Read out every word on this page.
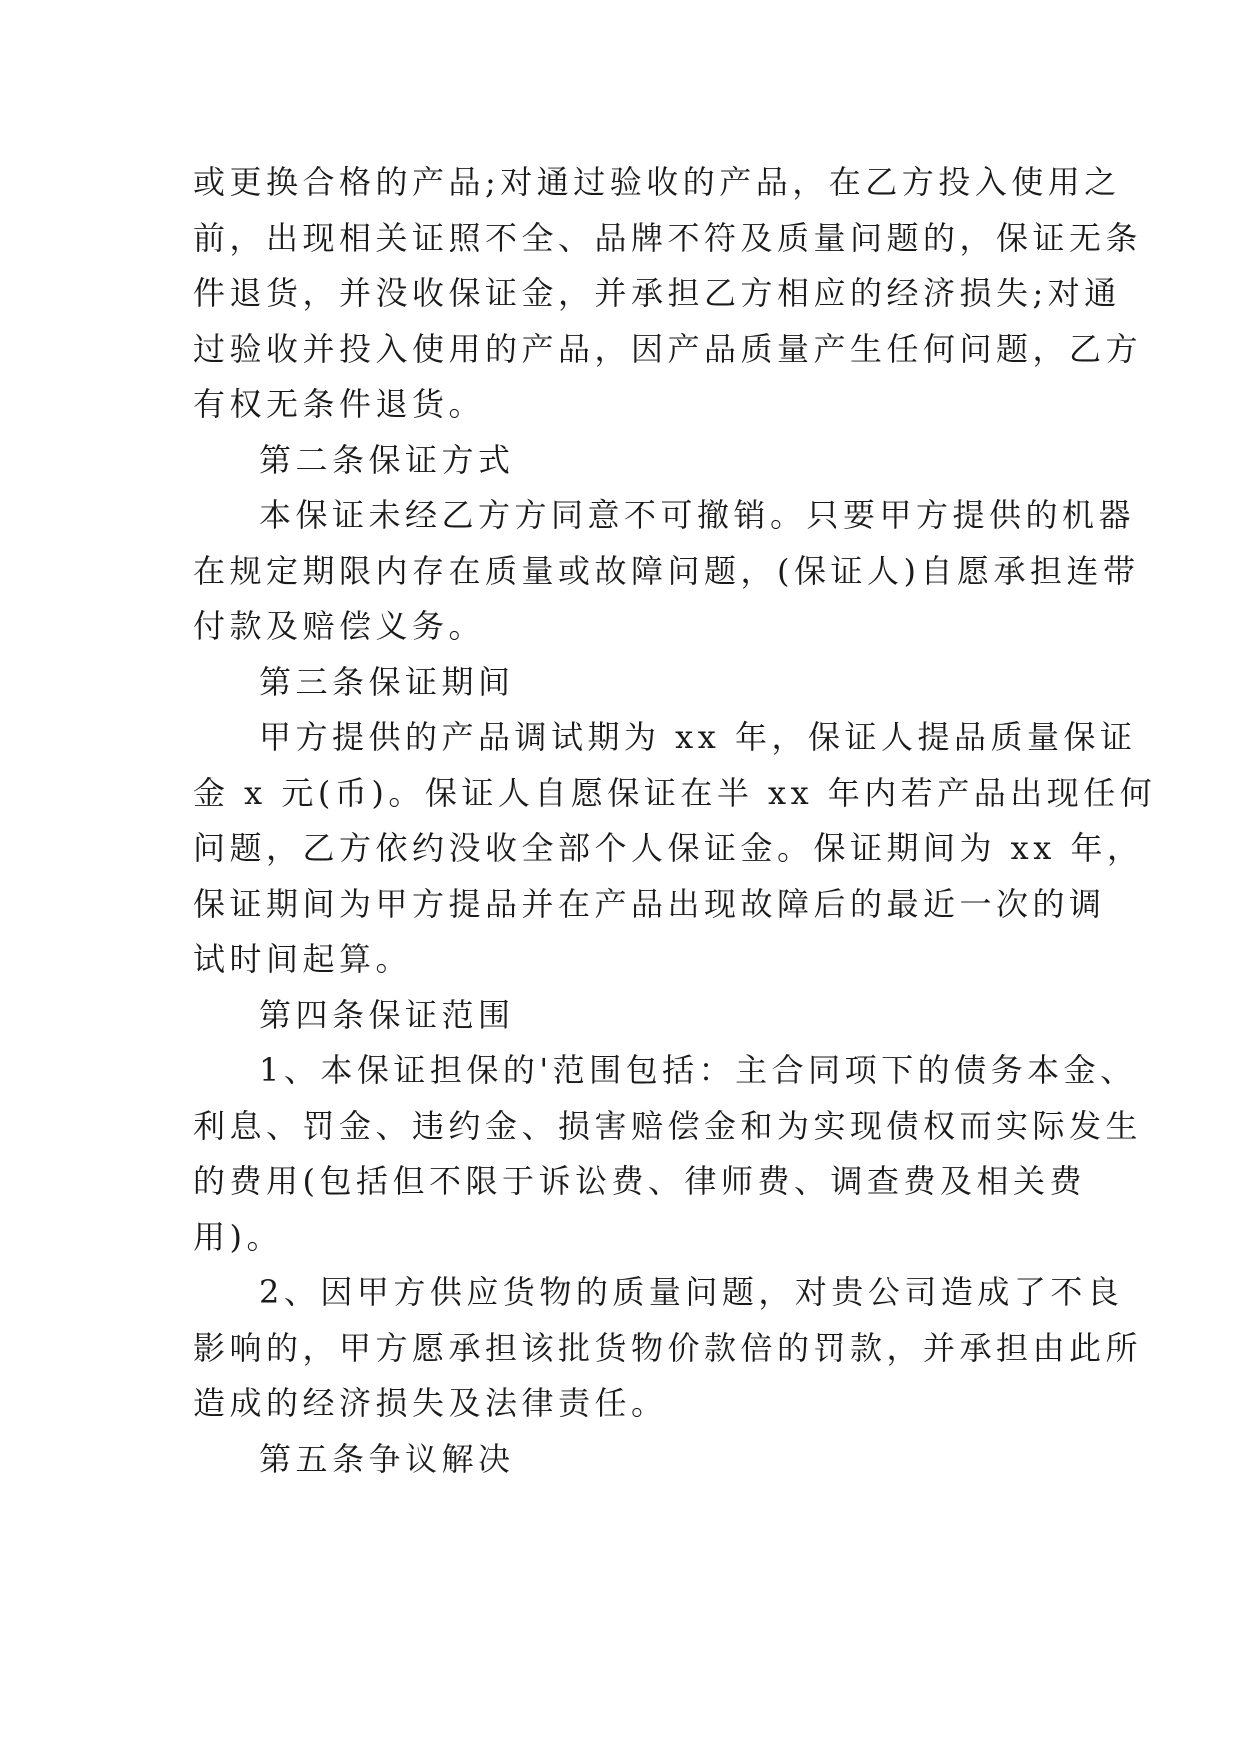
或更换合格的产品;对通过验收的产品，在乙方投入使用之
前，出现相关证照不全、品牌不符及质量问题的，保证无条
件退货，并没收保证金，并承担乙方相应的经济损失;对通
过验收并投入使用的产品，因产品质量产生任何问题，乙方
有权无条件退货。
第二条保证方式
本保证未经乙方方同意不可撤销。只要甲方提供的机器
在规定期限内存在质量或故障问题，(保证人)自愿承担连带
付款及赔偿义务。
第三条保证期间
甲方提供的产品调试期为 xx 年，保证人提品质量保证
金 x 元(币)。保证人自愿保证在半 xx 年内若产品出现任何
问题，乙方依约没收全部个人保证金。保证期间为 xx 年，
保证期间为甲方提品并在产品出现故障后的最近一次的调
试时间起算。
第四条保证范围
1、本保证担保的'范围包括：主合同项下的债务本金、
利息、罚金、违约金、损害赔偿金和为实现债权而实际发生
的费用(包括但不限于诉讼费、律师费、调查费及相关费
用)。
2、因甲方供应货物的质量问题，对贵公司造成了不良
影响的，甲方愿承担该批货物价款倍的罚款，并承担由此所
造成的经济损失及法律责任。
第五条争议解决
